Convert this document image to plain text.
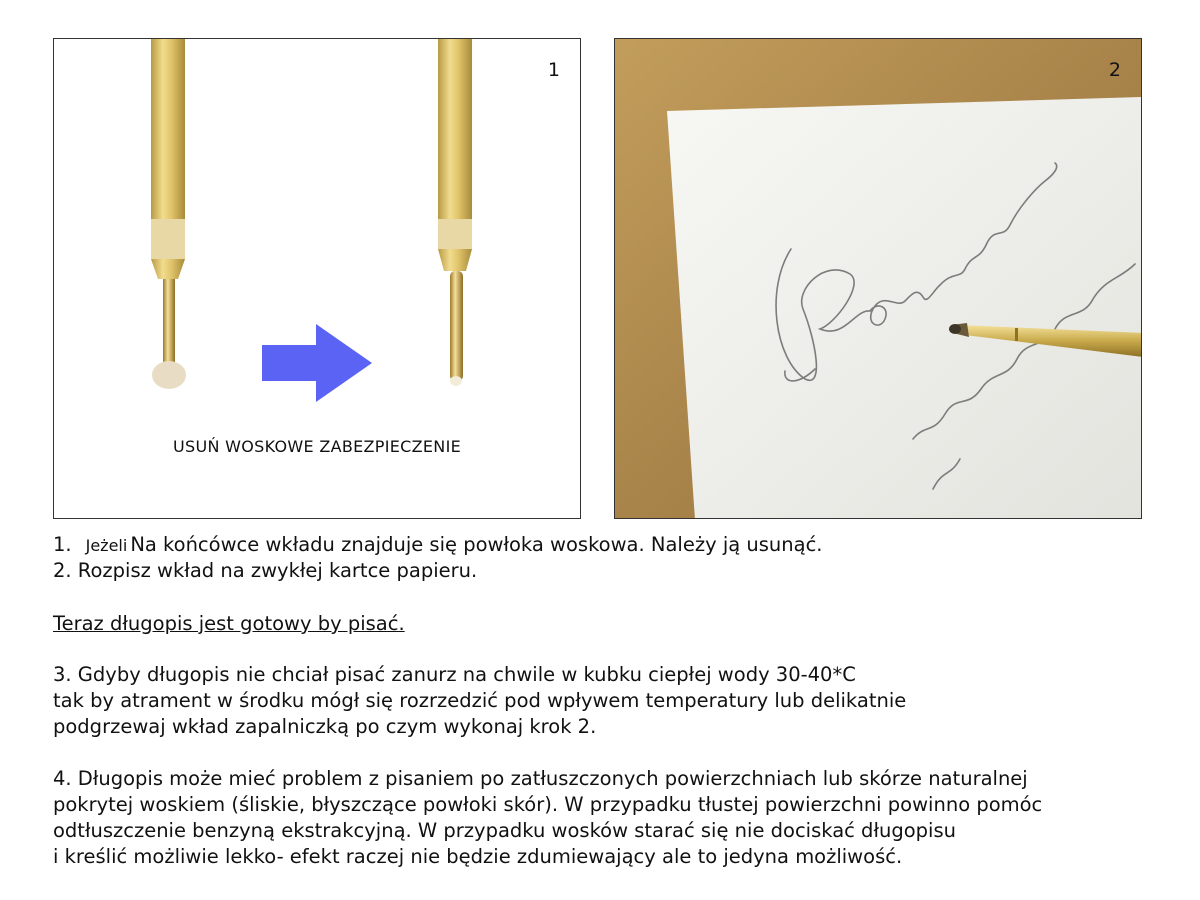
1
USUŃ WOSKOWE ZABEZPIECZENIE
2
1. Jeżeli Na końcówce wkładu znajduje się powłoka woskowa. Należy ją usunąć.
2. Rozpisz wkład na zwykłej kartce papieru.
Teraz długopis jest gotowy by pisać.
3. Gdyby długopis nie chciał pisać zanurz na chwile w kubku ciepłej wody 30-40*C
tak by atrament w środku mógł się rozrzedzić pod wpływem temperatury lub delikatnie
podgrzewaj wkład zapalniczką po czym wykonaj krok 2.
4. Długopis może mieć problem z pisaniem po zatłuszczonych powierzchniach lub skórze naturalnej
pokrytej woskiem (śliskie, błyszczące powłoki skór). W przypadku tłustej powierzchni powinno pomóc
odtłuszczenie benzyną ekstrakcyjną. W przypadku wosków starać się nie dociskać długopisu
i kreślić możliwie lekko- efekt raczej nie będzie zdumiewający ale to jedyna możliwość.
